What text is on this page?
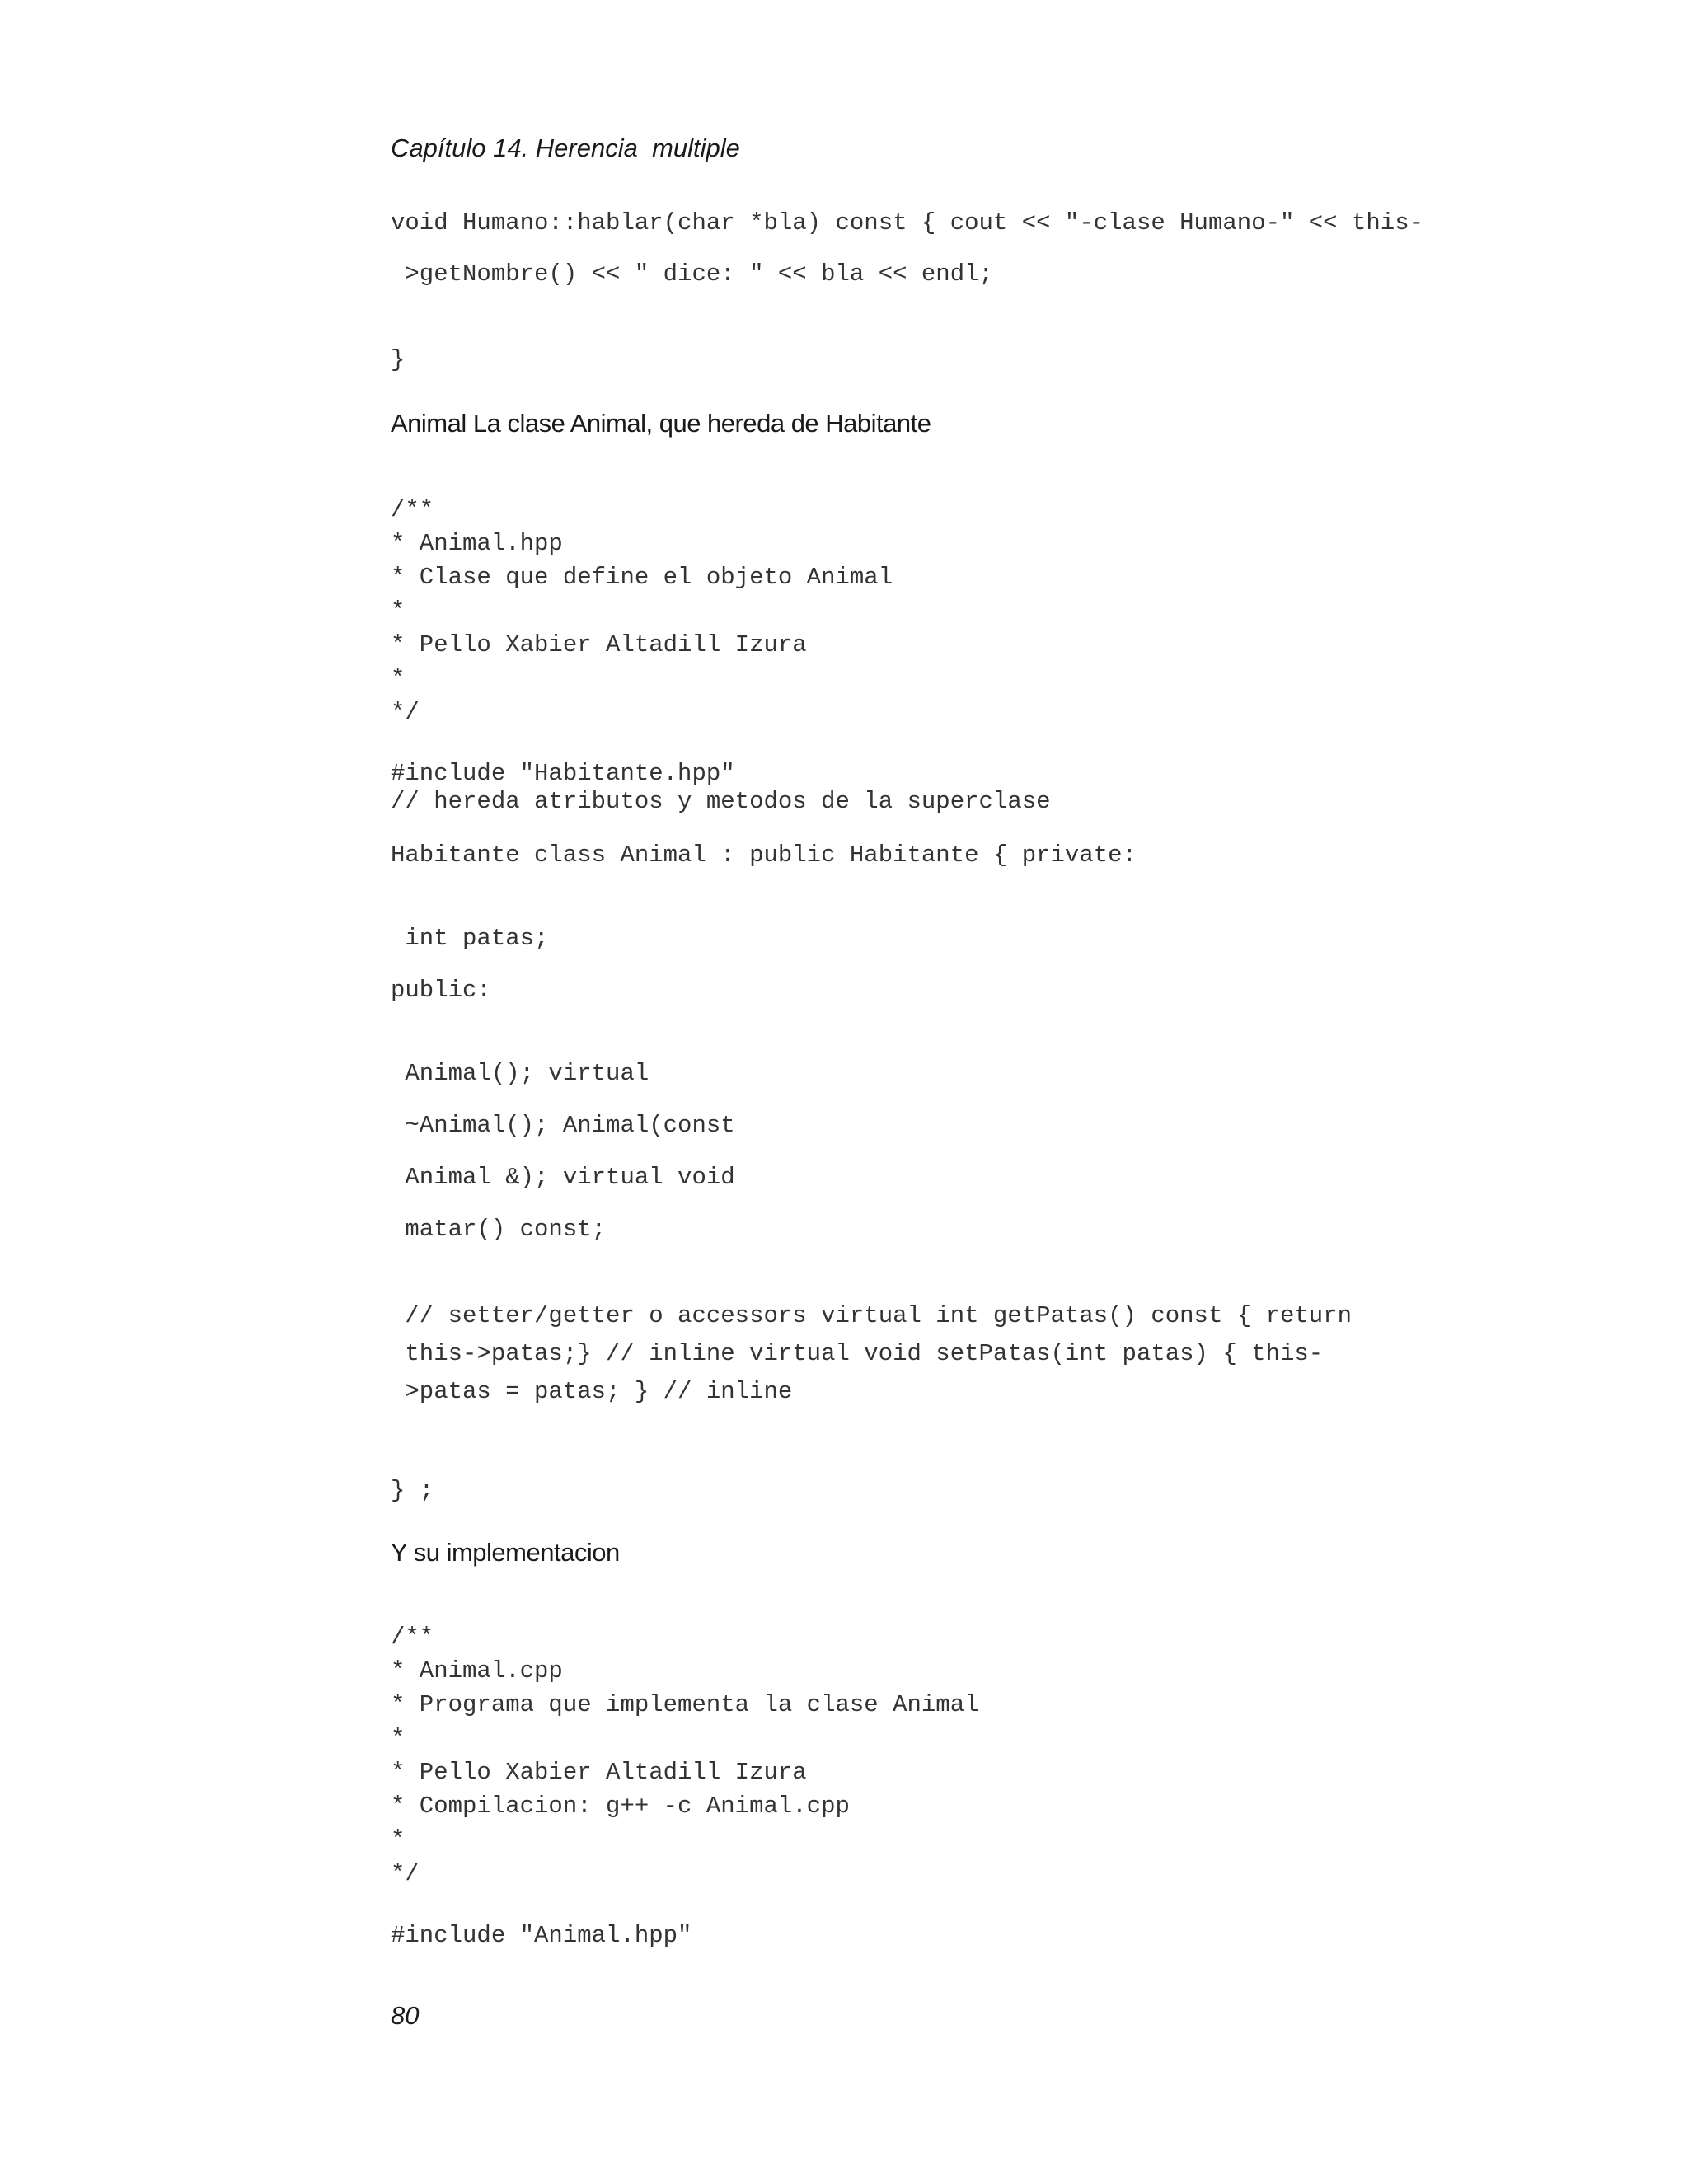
Capítulo 14. Herencia  multiple
void Humano::hablar(char *bla) const { cout << "-clase Humano-" << this-
>getNombre() << " dice: " << bla << endl;
}
Animal La clase Animal, que hereda de Habitante
/**
* Animal.hpp
* Clase que define el objeto Animal
*
* Pello Xabier Altadill Izura
*
*/
#include "Habitante.hpp"
// hereda atributos y metodos de la superclase
Habitante class Animal : public Habitante { private:
int patas;
public:
Animal(); virtual
~Animal(); Animal(const
Animal &); virtual void
matar() const;
// setter/getter o accessors virtual int getPatas() const { return
this->patas;} // inline virtual void setPatas(int patas) { this-
>patas = patas; } // inline
} ;
Y su implementacion
/**
* Animal.cpp
* Programa que implementa la clase Animal
*
* Pello Xabier Altadill Izura
* Compilacion: g++ -c Animal.cpp
*
*/
#include "Animal.hpp"
80
